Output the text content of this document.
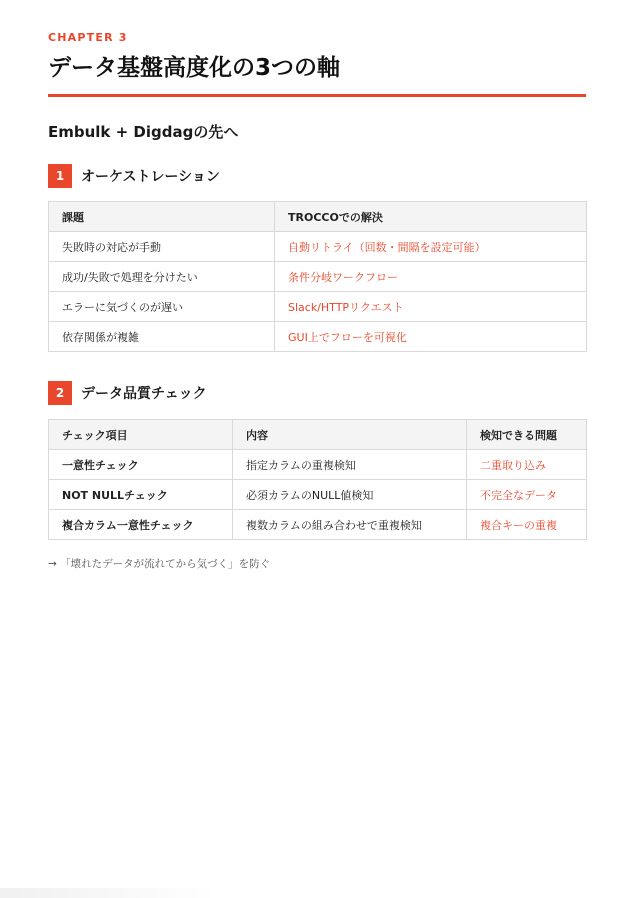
CHAPTER 3
データ基盤高度化の3つの軸
Embulk + Digdagの先へ
1	オーケストレーション
課題	TROCCOでの解決
失敗時の対応が手動	自動リトライ（回数・間隔を設定可能）
成功/失敗で処理を分けたい	条件分岐ワークフロー
エラーに気づくのが遅い	Slack/HTTPリクエスト
依存関係が複雑	GUI上でフローを可視化
2	データ品質チェック
チェック項目	内容	検知できる問題
一意性チェック	指定カラムの重複検知	二重取り込み
NOT NULLチェック	必須カラムのNULL値検知	不完全なデータ
複合カラム一意性チェック	複数カラムの組み合わせで重複検知	複合キーの重複

→ 「壊れたデータが流れてから気づく」を防ぐ
